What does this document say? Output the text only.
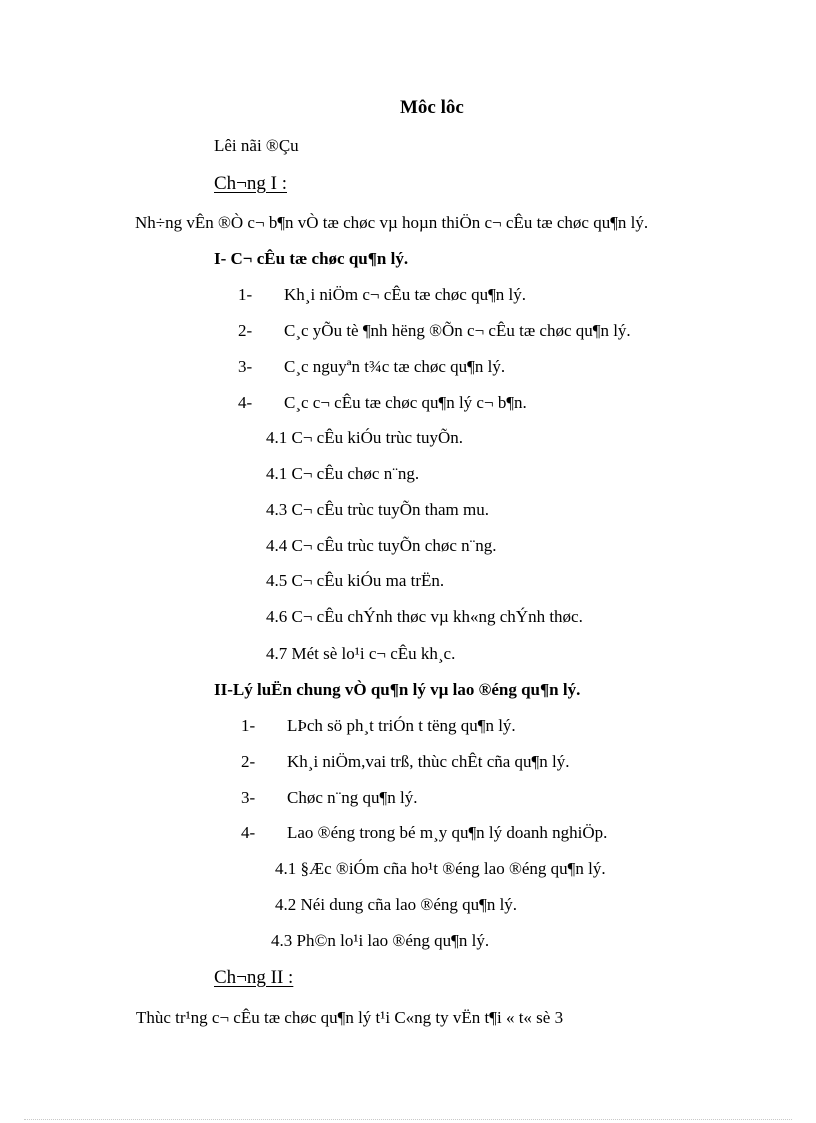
Môc lôc
Lêi nãi ®Çu
Ch¬ng I :
Nh÷ng vÊn ®Ò c¬ b¶n vÒ tæ chøc vµ hoµn thiÖn c¬ cÊu tæ chøc qu¶n lý.
I- C¬ cÊu tæ chøc qu¶n lý.
1- Kh¸i niÖm c¬ cÊu tæ chøc qu¶n lý.
2- C¸c yÕu tè ¶nh hëng ®Õn c¬ cÊu tæ chøc qu¶n lý.
3- C¸c nguyªn t¾c tæ chøc qu¶n lý.
4- C¸c c¬ cÊu tæ chøc qu¶n lý c¬ b¶n.
4.1 C¬ cÊu kiÓu trùc tuyÕn.
4.1 C¬ cÊu chøc n¨ng.
4.3 C¬ cÊu trùc tuyÕn tham mu.
4.4 C¬ cÊu trùc tuyÕn chøc n¨ng.
4.5 C¬ cÊu kiÓu ma trËn.
4.6 C¬ cÊu chÝnh thøc vµ kh«ng chÝnh thøc.
4.7 Mét sè lo¹i c¬ cÊu kh¸c.
II-Lý luËn chung vÒ qu¶n lý vµ lao ®éng qu¶n lý.
1- LÞch sö ph¸t triÓn t tëng qu¶n lý.
2- Kh¸i niÖm,vai trß, thùc chÊt cña qu¶n lý.
3- Chøc n¨ng qu¶n lý.
4- Lao ®éng trong bé m¸y qu¶n lý doanh nghiÖp.
4.1 §Æc ®iÓm cña ho¹t ®éng lao ®éng qu¶n lý.
4.2 Néi dung cña lao ®éng qu¶n lý.
4.3 Ph©n lo¹i lao ®éng qu¶n lý.
Ch¬ng II :
Thùc tr¹ng c¬ cÊu tæ chøc qu¶n lý t¹i C«ng ty vËn t¶i « t« sè 3
